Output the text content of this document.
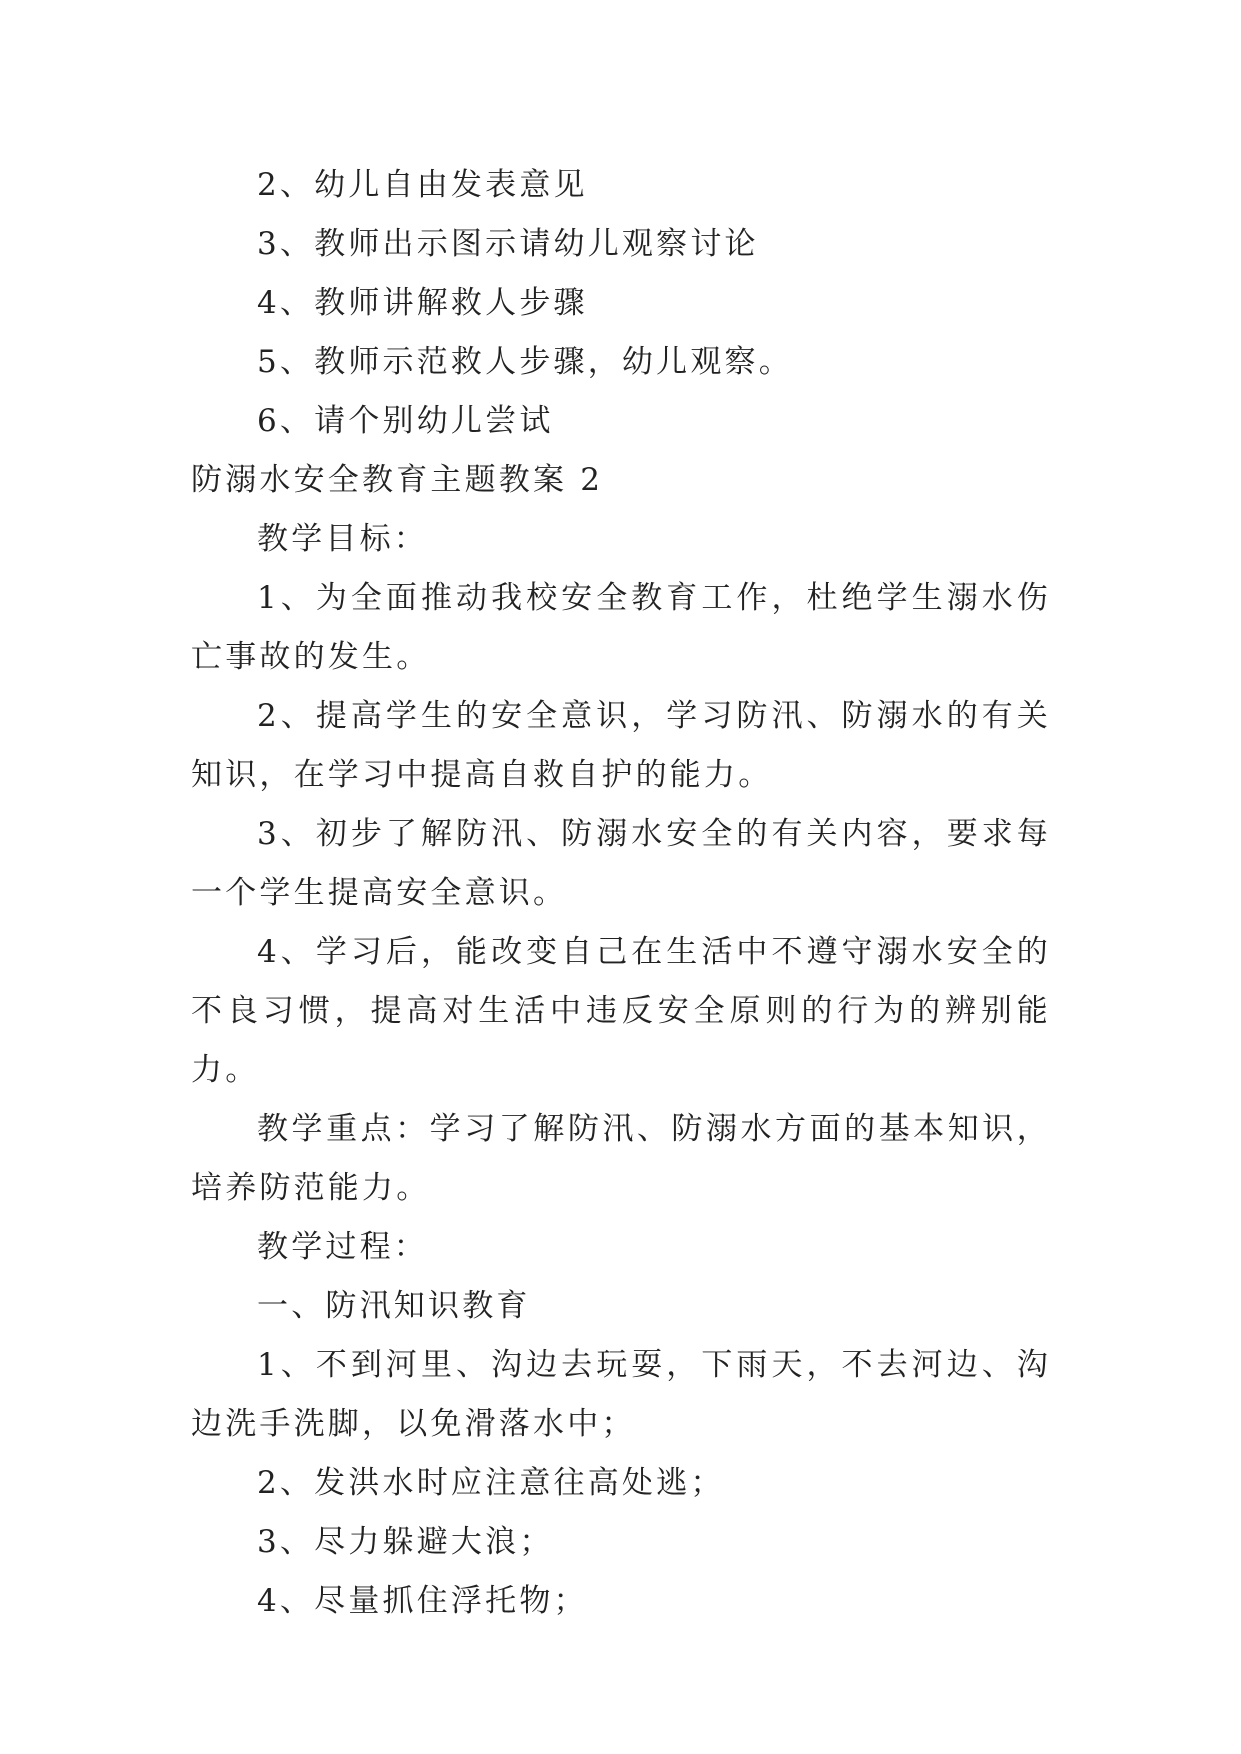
2、幼儿自由发表意见

3、教师出示图示请幼儿观察讨论

4、教师讲解救人步骤

5、教师示范救人步骤，幼儿观察。

6、请个别幼儿尝试

防溺水安全教育主题教案 2

教学目标：

1、为全面推动我校安全教育工作，杜绝学生溺水伤亡事故的发生。

2、提高学生的安全意识，学习防汛、防溺水的有关知识，在学习中提高自救自护的能力。

3、初步了解防汛、防溺水安全的有关内容，要求每一个学生提高安全意识。

4、学习后，能改变自己在生活中不遵守溺水安全的不良习惯，提高对生活中违反安全原则的行为的辨别能力。

教学重点：学习了解防汛、防溺水方面的基本知识，培养防范能力。

教学过程：

一、防汛知识教育

1、不到河里、沟边去玩耍，下雨天，不去河边、沟边洗手洗脚，以免滑落水中；

2、发洪水时应注意往高处逃；

3、尽力躲避大浪；

4、尽量抓住浮托物；
